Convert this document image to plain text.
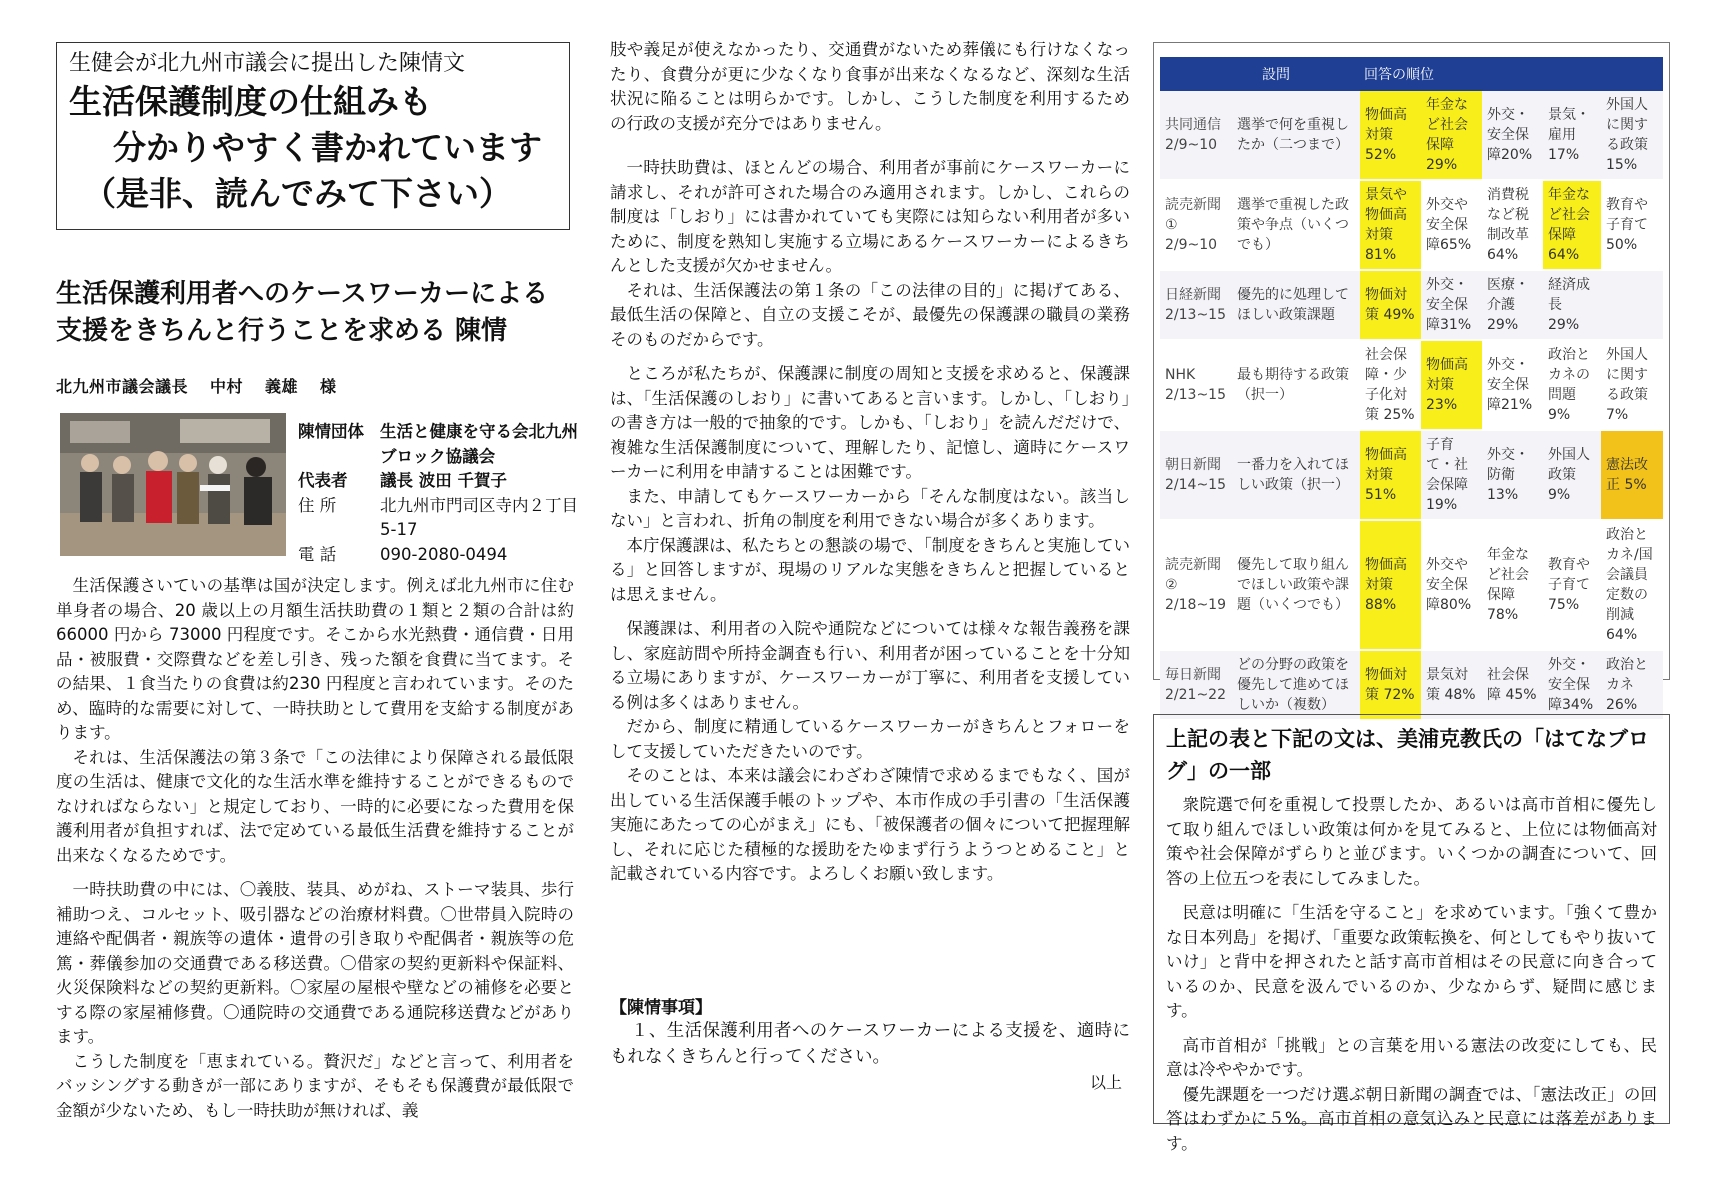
生健会が北九州市議会に提出した陳情文
生活保護制度の仕組みも
分かりやすく書かれています
（是非、読んでみて下さい）
生活保護利用者へのケースワーカーによる
支援をきちんと行うことを求める 陳情
北九州市議会議長 中村 義雄 様
陳情団体 生活と健康を守る会北九州ブロック協議会
代表者	議長 波田 千賀子
住 所	北九州市門司区寺内２丁目5-17
電 話	090-2080-0494

生活保護さいていの基準は国が決定します。例えば北九州市に住む単身者の場合、20 歳以上の月額生活扶助費の１類と２類の合計は約 66000 円から 73000 円程度です。そこから水光熱費・通信費・日用品・被服費・交際費などを差し引き、残った額を食費に当てます。その結果、１食当たりの食費は約230 円程度と言われています。そのため、臨時的な需要に対して、一時扶助として費用を支給する制度があります。

それは、生活保護法の第３条で「この法律により保障される最低限度の生活は、健康で文化的な生活水準を維持することができるものでなければならない」と規定しており、一時的に必要になった費用を保護利用者が負担すれば、法で定めている最低生活費を維持することが出来なくなるためです。

一時扶助費の中には、〇義肢、装具、めがね、ストーマ装具、歩行補助つえ、コルセット、吸引器などの治療材料費。〇世帯員入院時の連絡や配偶者・親族等の遺体・遺骨の引き取りや配偶者・親族等の危篤・葬儀参加の交通費である移送費。〇借家の契約更新料や保証料、火災保険料などの契約更新料。〇家屋の屋根や壁などの補修を必要とする際の家屋補修費。〇通院時の交通費である通院移送費などがあります。

こうした制度を「恵まれている。贅沢だ」などと言って、利用者をバッシングする動きが一部にありますが、そもそも保護費が最低限で金額が少ないため、もし一時扶助が無ければ、義

肢や義足が使えなかったり、交通費がないため葬儀にも行けなくなったり、食費分が更に少なくなり食事が出来なくなるなど、深刻な生活状況に陥ることは明らかです。しかし、こうした制度を利用するための行政の支援が充分ではありません。

一時扶助費は、ほとんどの場合、利用者が事前にケースワーカーに請求し、それが許可された場合のみ適用されます。しかし、これらの制度は「しおり」には書かれていても実際には知らない利用者が多いために、制度を熟知し実施する立場にあるケースワーカーによるきちんとした支援が欠かせません。

それは、生活保護法の第１条の「この法律の目的」に掲げてある、最低生活の保障と、自立の支援こそが、最優先の保護課の職員の業務そのものだからです。

ところが私たちが、保護課に制度の周知と支援を求めると、保護課は、「生活保護のしおり」に書いてあると言います。しかし、「しおり」の書き方は一般的で抽象的です。しかも、「しおり」を読んだだけで、複雑な生活保護制度について、理解したり、記憶し、適時にケースワーカーに利用を申請することは困難です。

また、申請してもケースワーカーから「そんな制度はない。該当しない」と言われ、折角の制度を利用できない場合が多くあります。

本庁保護課は、私たちとの懇談の場で、「制度をきちんと実施している」と回答しますが、現場のリアルな実態をきちんと把握しているとは思えません。

保護課は、利用者の入院や通院などについては様々な報告義務を課し、家庭訪問や所持金調査も行い、利用者が困っていることを十分知る立場にありますが、ケースワーカーが丁寧に、利用者を支援している例は多くはありません。

だから、制度に精通しているケースワーカーがきちんとフォローをして支援していただきたいのです。

そのことは、本来は議会にわざわざ陳情で求めるまでもなく、国が出している生活保護手帳のトップや、本市作成の手引書の「生活保護実施にあたっての心がまえ」にも、「被保護者の個々について把握理解し、それに応じた積極的な援助をたゆまず行うようつとめること」と記載されている内容です。よろしくお願い致します。

【陳情事項】

１、生活保護利用者へのケースワーカーによる支援を、適時にもれなくきちんと行ってください。

以上
設問	回答の順位
共同通信 2/9~10	選挙で何を重視したか（二つまで）	物価高対策 52%	年金など社会保障 29%	外交・安全保障20%	景気・雇用 17%	外国人に関する政策 15%
読売新聞① 2/9~10	選挙で重視した政策や争点（いくつでも）	景気や物価高対策 81%	外交や安全保障65%	消費税など税制改革 64%	年金など社会保障 64%	教育や子育て50%
日経新聞 2/13~15	優先的に処理してほしい政策課題	物価対策 49%	外交・安全保障31%	医療・介護 29%	経済成長 29%	
NHK 2/13~15	最も期待する政策（択一）	社会保障・少子化対策 25%	物価高対策 23%	外交・安全保障21%	政治とカネの問題9%	外国人に関する政策 7%
朝日新聞 2/14~15	一番力を入れてほしい政策（択一）	物価高対策 51%	子育て・社会保障 19%	外交・防衛 13%	外国人政策 9%	憲法改正 5%
読売新聞② 2/18~19	優先して取り組んでほしい政策や課題（いくつでも）	物価高対策 88%	外交や安全保障80%	年金など社会保障 78%	教育や子育て75%	政治とカネ/国会議員定数の削減 64%
毎日新聞 2/21~22	どの分野の政策を優先して進めてほしいか（複数）	物価対策 72%	景気対策 48%	社会保障 45%	外交・安全保障34%	政治とカネ 26%
上記の表と下記の文は、美浦克教氏の「はてなブログ」の一部

衆院選で何を重視して投票したか、あるいは高市首相に優先して取り組んでほしい政策は何かを見てみると、上位には物価高対策や社会保障がずらりと並びます。いくつかの調査について、回答の上位五つを表にしてみました。

民意は明確に「生活を守ること」を求めています。「強くて豊かな日本列島」を掲げ、「重要な政策転換を、何としてもやり抜いていけ」と背中を押されたと話す高市首相はその民意に向き合っているのか、民意を汲んでいるのか、少なからず、疑問に感じます。

高市首相が「挑戦」との言葉を用いる憲法の改変にしても、民意は冷ややかです。

優先課題を一つだけ選ぶ朝日新聞の調査では、「憲法改正」の回答はわずかに５%。高市首相の意気込みと民意には落差があります。
